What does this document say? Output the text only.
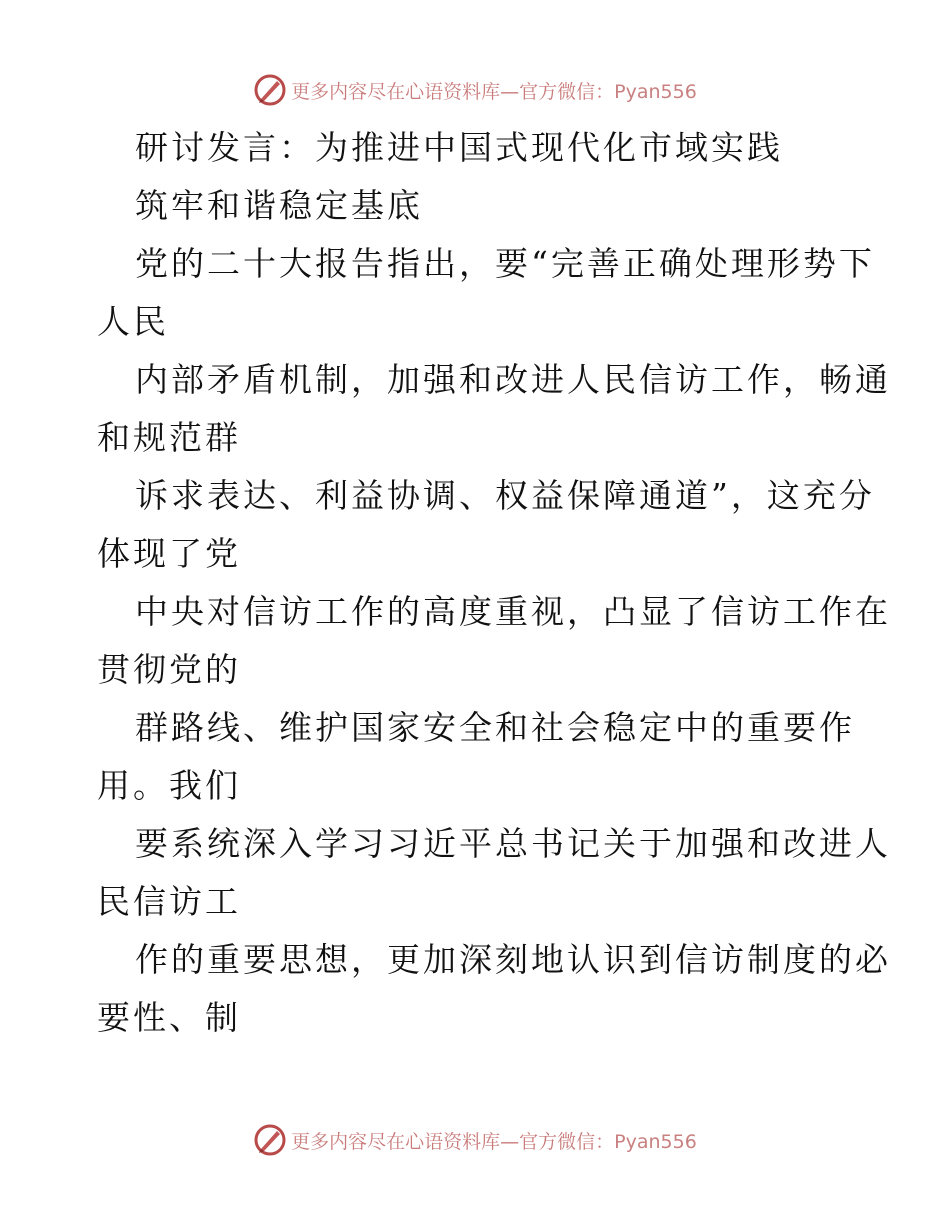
更多内容尽在心语资料库—官方微信：Pyan556
研讨发言：为推进中国式现代化市域实践
筑牢和谐稳定基底
党的二十大报告指出，要“完善正确处理形势下
人民
内部矛盾机制，加强和改进人民信访工作，畅通
和规范群
诉求表达、利益协调、权益保障通道”，这充分
体现了党
中央对信访工作的高度重视，凸显了信访工作在
贯彻党的
群路线、维护国家安全和社会稳定中的重要作
用。我们
要系统深入学习习近平总书记关于加强和改进人
民信访工
作的重要思想，更加深刻地认识到信访制度的必
要性、制
更多内容尽在心语资料库—官方微信：Pyan556
